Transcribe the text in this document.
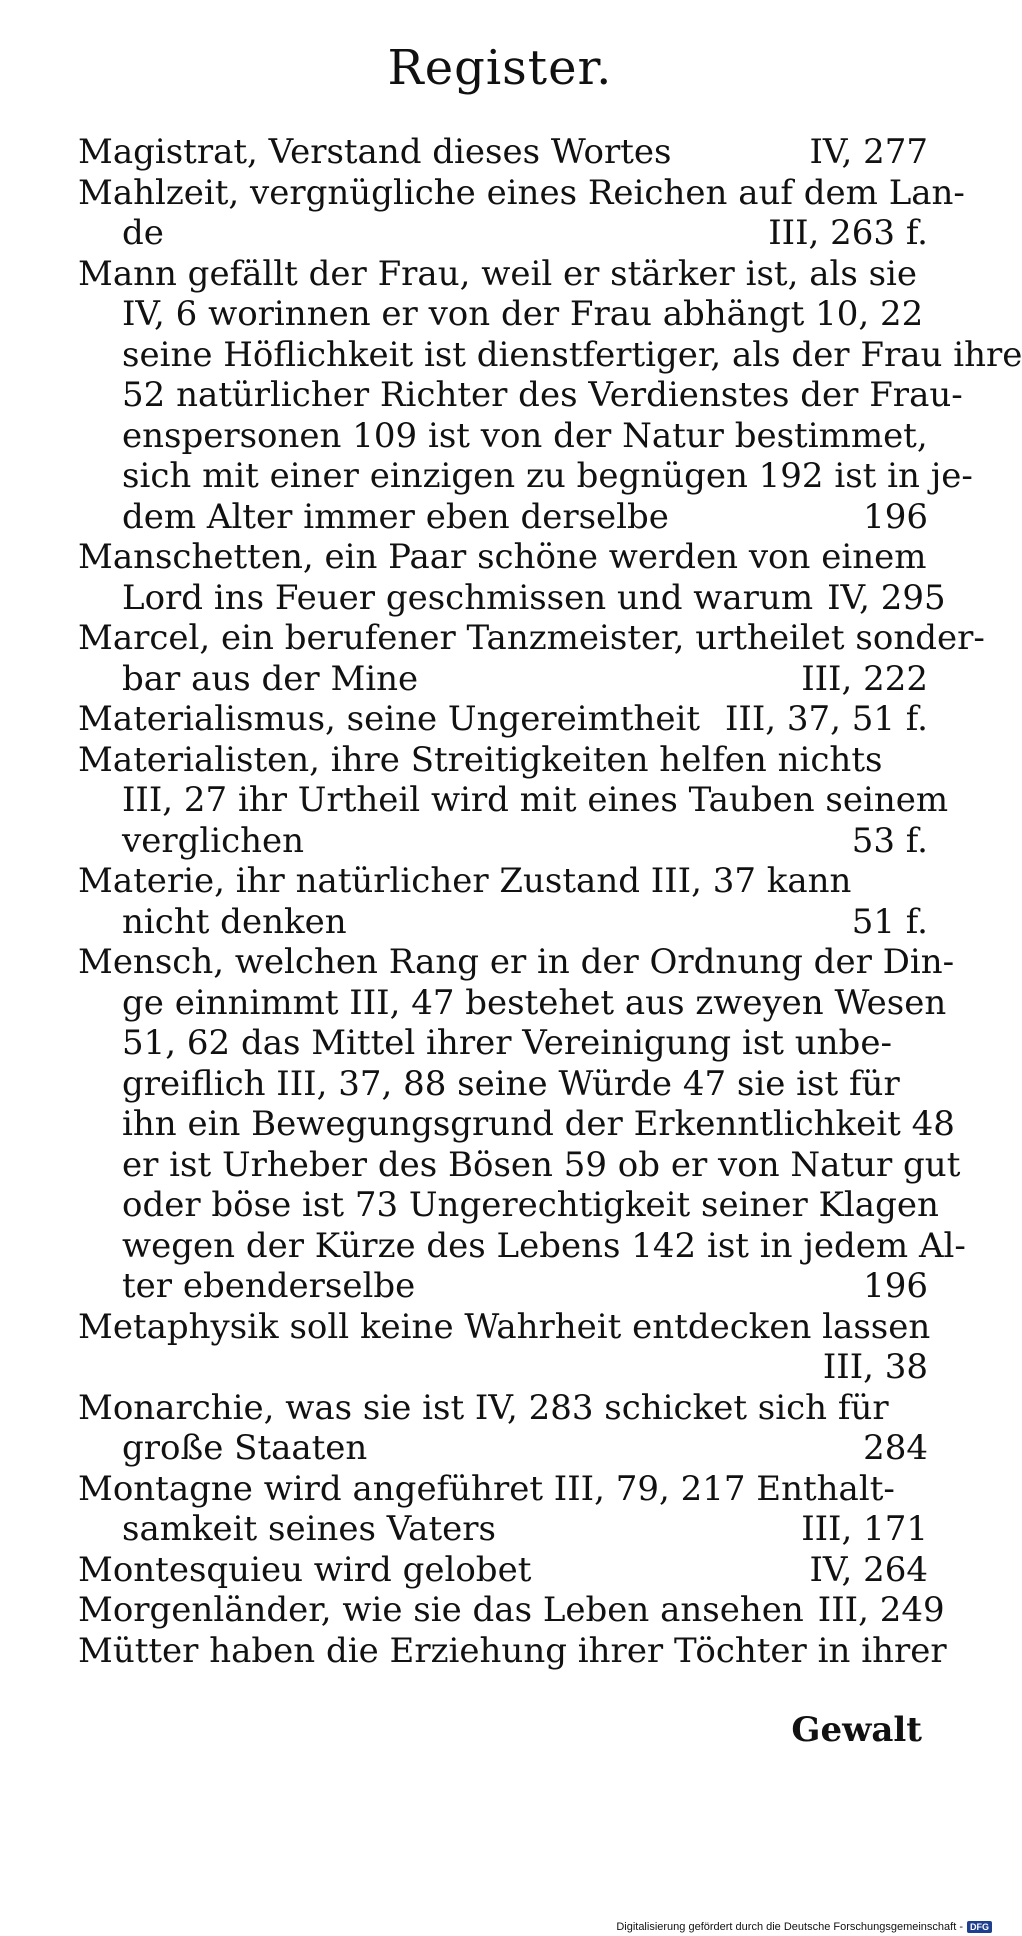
Register.
Magistrat, Verstand dieses Wortes	IV, 277
Mahlzeit, vergnügliche eines Reichen auf dem Lan-
de	III, 263 f.
Mann gefällt der Frau, weil er stärker ist, als sie
IV, 6 worinnen er von der Frau abhängt 10, 22
seine Höflichkeit ist dienstfertiger, als der Frau ihre
52 natürlicher Richter des Verdienstes der Frau-
enspersonen 109 ist von der Natur bestimmet,
sich mit einer einzigen zu begnügen 192 ist in je-
dem Alter immer eben derselbe	196
Manschetten, ein Paar schöne werden von einem
Lord ins Feuer geschmissen und warum IV, 295
Marcel, ein berufener Tanzmeister, urtheilet sonder-
bar aus der Mine	III, 222
Materialismus, seine Ungereimtheit III, 37, 51 f.
Materialisten, ihre Streitigkeiten helfen nichts
III, 27 ihr Urtheil wird mit eines Tauben seinem
verglichen	53 f.
Materie, ihr natürlicher Zustand III, 37 kann
nicht denken	51 f.
Mensch, welchen Rang er in der Ordnung der Din-
ge einnimmt III, 47 bestehet aus zweyen Wesen
51, 62 das Mittel ihrer Vereinigung ist unbe-
greiflich III, 37, 88 seine Würde 47 sie ist für
ihn ein Bewegungsgrund der Erkenntlichkeit 48
er ist Urheber des Bösen 59 ob er von Natur gut
oder böse ist 73 Ungerechtigkeit seiner Klagen
wegen der Kürze des Lebens 142 ist in jedem Al-
ter ebenderselbe	196
Metaphysik soll keine Wahrheit entdecken lassen
III, 38
Monarchie, was sie ist IV, 283 schicket sich für
große Staaten	284
Montagne wird angeführet III, 79, 217 Enthalt-
samkeit seines Vaters	III, 171
Montesquieu wird gelobet	IV, 264
Morgenländer, wie sie das Leben ansehen III, 249
Mütter haben die Erziehung ihrer Töchter in ihrer
Gewalt
Digitalisierung gefördert durch die Deutsche Forschungsgemeinschaft - DFG
